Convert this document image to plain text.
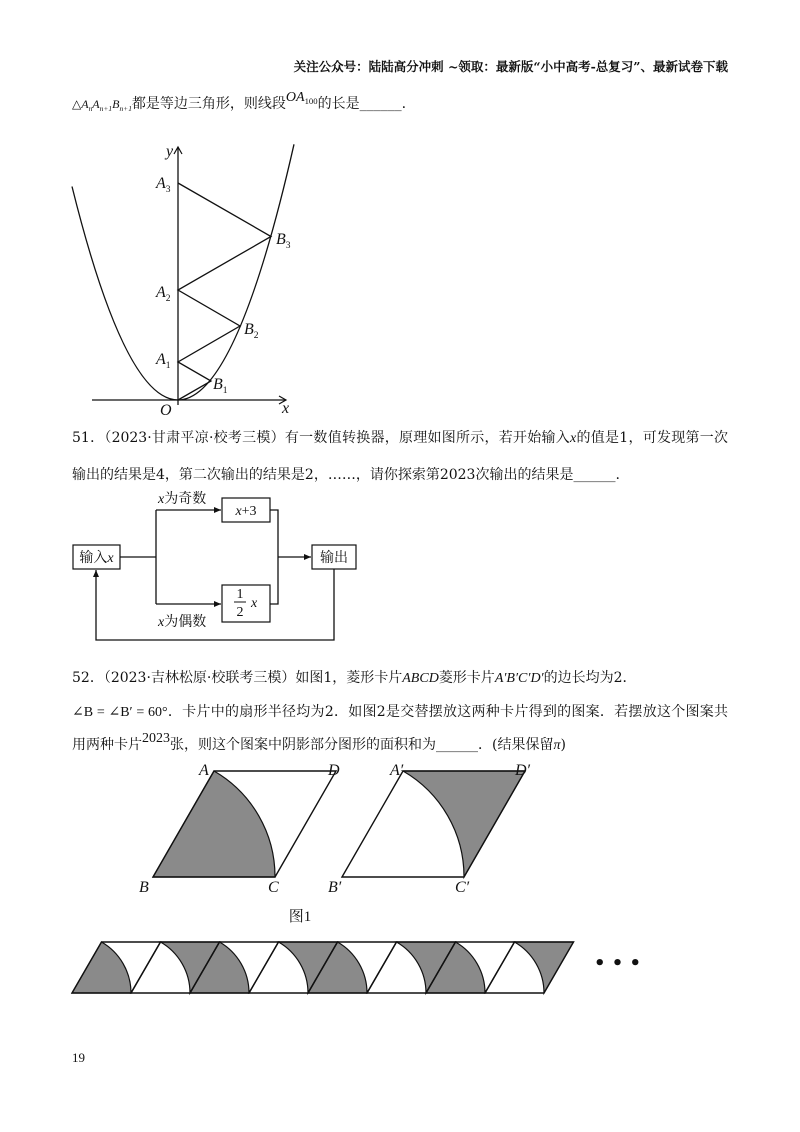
关注公众号：陆陆高分冲刺 ~领取：最新版“小中高考-总复习”、最新试卷下载
$\triangle A_nA_{n+1}B_{n+1}$都是等边三角形，则线段$OA_{100}$的长是______.
y
x
O
$A_3$
$A_2$
$A_1$
$B_1$
$B_2$
$B_3$
51．（2023·甘肃平凉·校考三模）有一数值转换器，原理如图所示，若开始输入x的值是1，可发现第一次
输出的结果是4，第二次输出的结果是2，……，请你探索第2023次输出的结果是______.
输入x
x为奇数
x为偶数
x+3
1
2
x
输出
52．（2023·吉林松原·校联考三模）如图1，菱形卡片ABCD菱形卡片A′B′C′D′的边长均为2．
∠B = ∠B′ = 60°．卡片中的扇形半径均为2．如图2是交替摆放这两种卡片得到的图案．若摆放这个图案共
用两种卡片2023张，则这个图案中阴影部分图形的面积和为______．(结果保留π)
A	D
B	C
A′	D′
B′	C′
图1
• • •
19
